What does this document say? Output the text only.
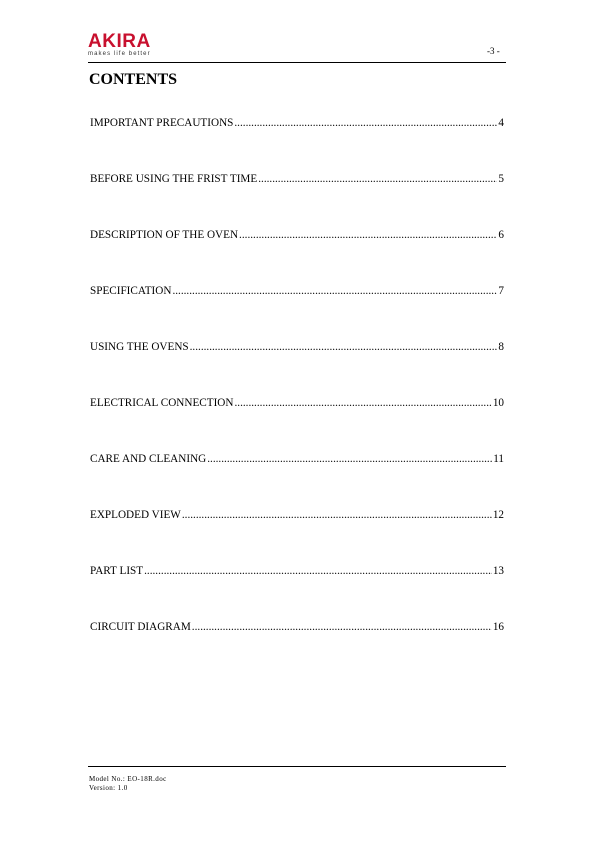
AKIRA
makes life better	-3 -
CONTENTS
IMPORTANT PRECAUTIONS .....	4
BEFORE USING THE FRIST TIME .....	5
DESCRIPTION OF THE OVEN .....	6
SPECIFICATION .....	7
USING THE OVENS .....	8
ELECTRICAL CONNECTION .....	10
CARE AND CLEANING .....	11
EXPLODED VIEW .....	12
PART LIST .....	13
CIRCUIT DIAGRAM .....	16
Model No.: EO-18R.doc
Version: 1.0
